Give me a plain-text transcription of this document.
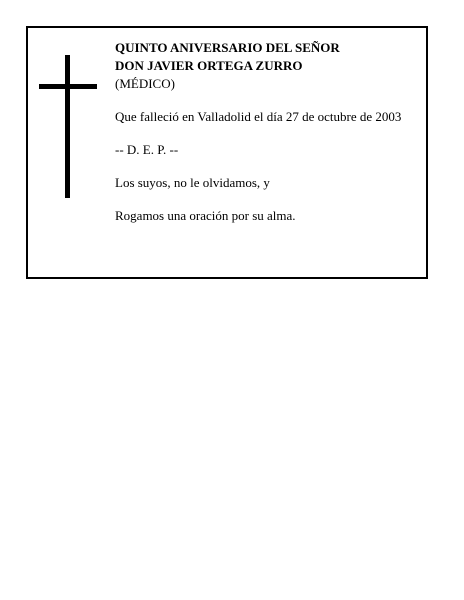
QUINTO ANIVERSARIO DEL SEÑOR
DON JAVIER ORTEGA ZURRO
(MÉDICO)
Que falleció en Valladolid el día 27 de octubre de 2003
-- D. E. P. --
Los suyos, no le olvidamos, y
Rogamos una oración por su alma.
